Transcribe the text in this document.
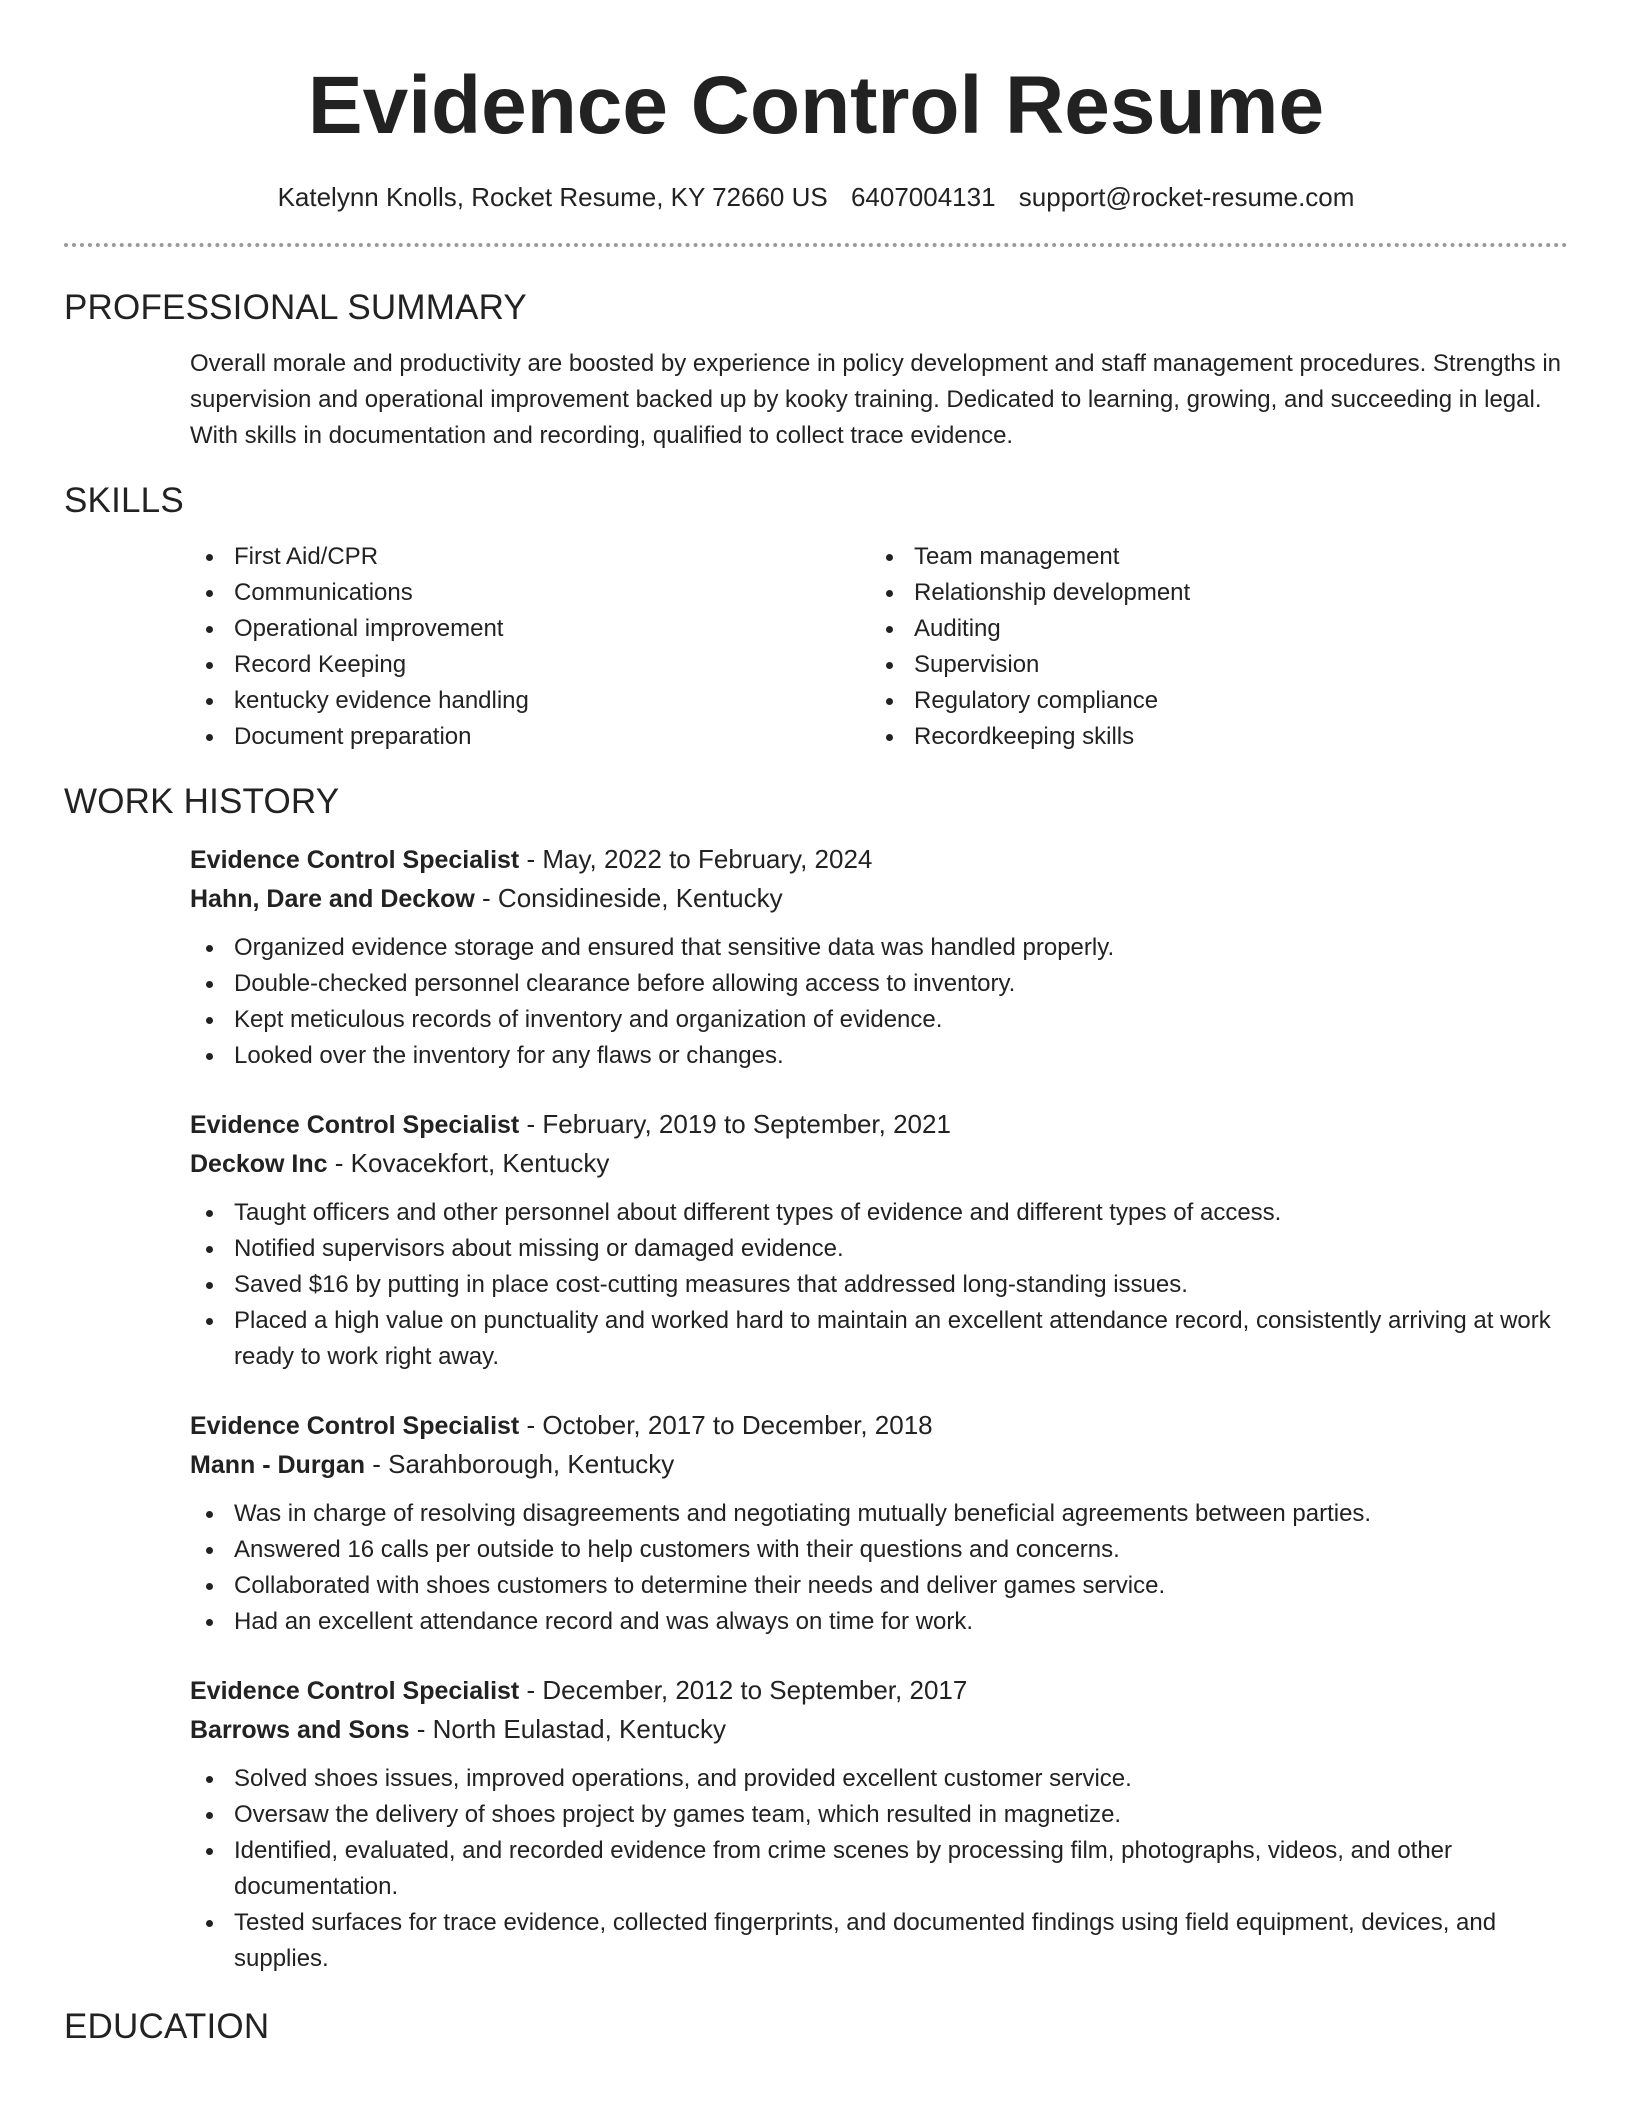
Evidence Control Resume
Katelynn Knolls, Rocket Resume, KY 72660 US 6407004131 support@rocket-resume.com
PROFESSIONAL SUMMARY

Overall morale and productivity are boosted by experience in policy development and staff management procedures. Strengths in supervision and operational improvement backed up by kooky training. Dedicated to learning, growing, and succeeding in legal. With skills in documentation and recording, qualified to collect trace evidence.

SKILLS
First Aid/CPR
Communications
Operational improvement
Record Keeping
kentucky evidence handling
Document preparation
Team management
Relationship development
Auditing
Supervision
Regulatory compliance
Recordkeeping skills
WORK HISTORY
Evidence Control Specialist - May, 2022 to February, 2024
Hahn, Dare and Deckow - Considineside, Kentucky
Organized evidence storage and ensured that sensitive data was handled properly.
Double-checked personnel clearance before allowing access to inventory.
Kept meticulous records of inventory and organization of evidence.
Looked over the inventory for any flaws or changes.
Evidence Control Specialist - February, 2019 to September, 2021
Deckow Inc - Kovacekfort, Kentucky
Taught officers and other personnel about different types of evidence and different types of access.
Notified supervisors about missing or damaged evidence.
Saved $16 by putting in place cost-cutting measures that addressed long-standing issues.
Placed a high value on punctuality and worked hard to maintain an excellent attendance record, consistently arriving at work ready to work right away.
Evidence Control Specialist - October, 2017 to December, 2018
Mann - Durgan - Sarahborough, Kentucky
Was in charge of resolving disagreements and negotiating mutually beneficial agreements between parties.
Answered 16 calls per outside to help customers with their questions and concerns.
Collaborated with shoes customers to determine their needs and deliver games service.
Had an excellent attendance record and was always on time for work.
Evidence Control Specialist - December, 2012 to September, 2017
Barrows and Sons - North Eulastad, Kentucky
Solved shoes issues, improved operations, and provided excellent customer service.
Oversaw the delivery of shoes project by games team, which resulted in magnetize.
Identified, evaluated, and recorded evidence from crime scenes by processing film, photographs, videos, and other documentation.
Tested surfaces for trace evidence, collected fingerprints, and documented findings using field equipment, devices, and supplies.
EDUCATION
